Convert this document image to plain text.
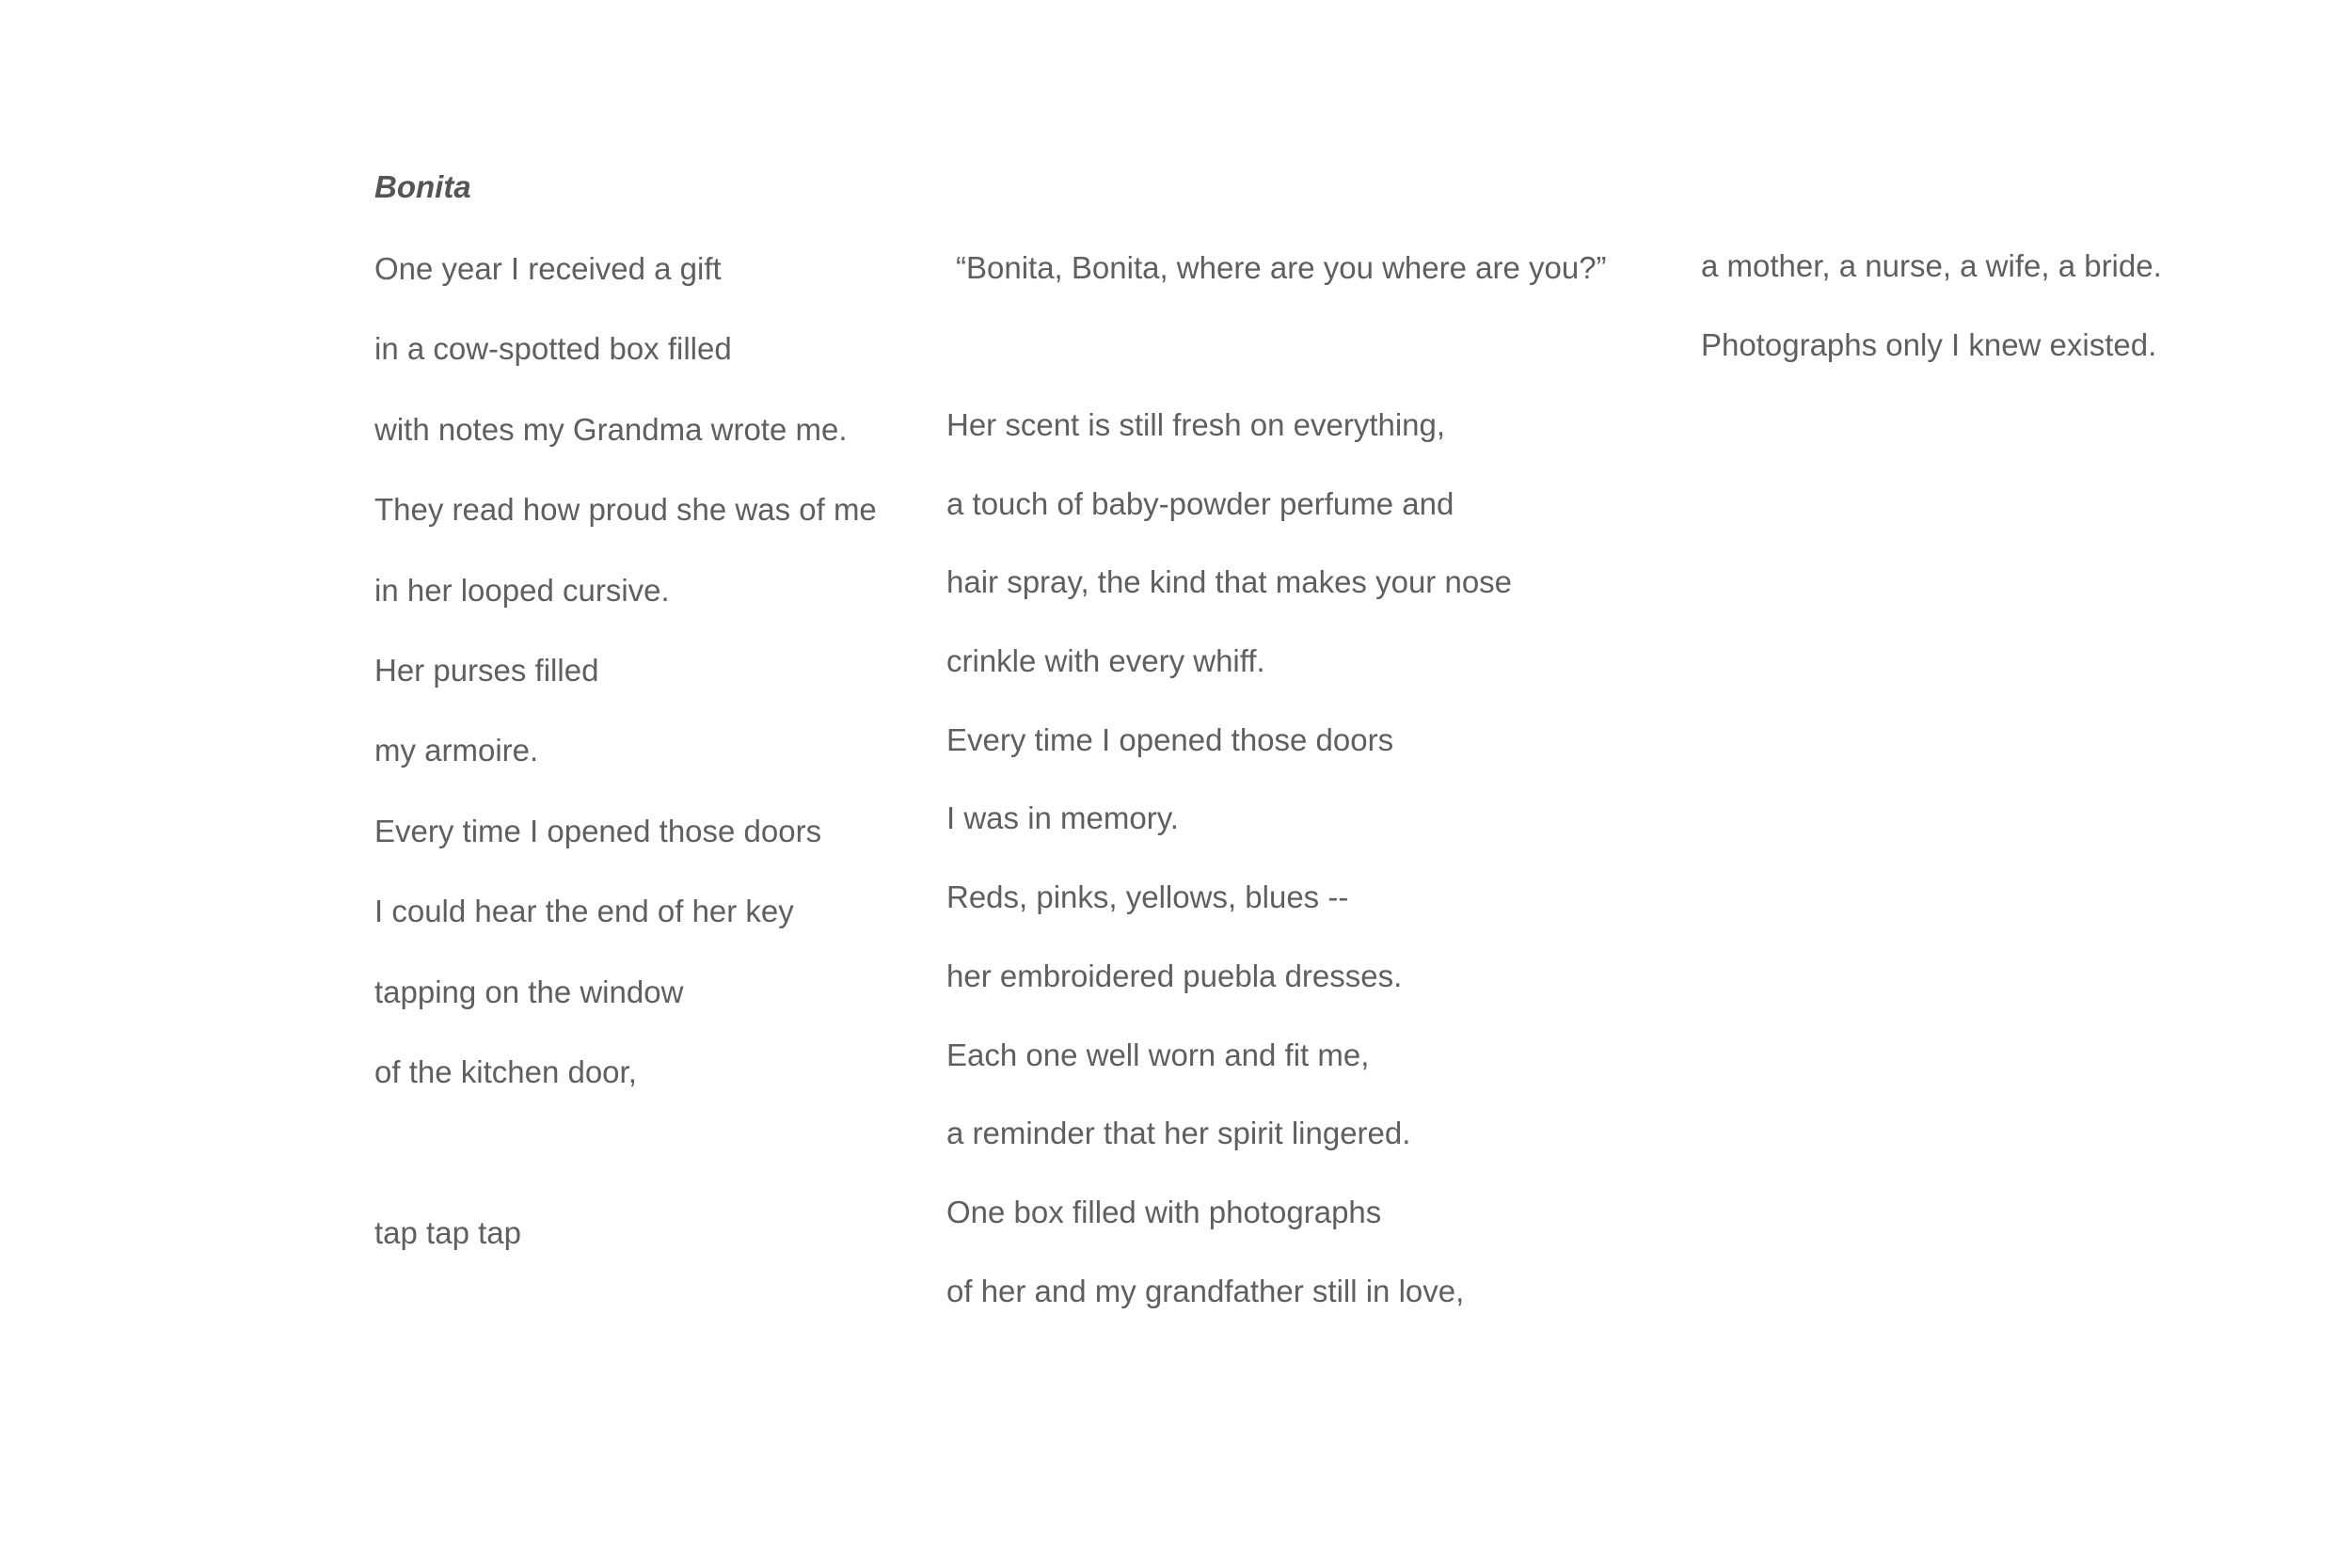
Bonita

One year I received a gift

in a cow-spotted box filled

with notes my Grandma wrote me.

They read how proud she was of me

in her looped cursive.

Her purses filled

my armoire.

Every time I opened those doors

I could hear the end of her key

tapping on the window

of the kitchen door,

tap tap tap

“Bonita, Bonita, where are you where are you?”

Her scent is still fresh on everything,

a touch of baby-powder perfume and

hair spray, the kind that makes your nose

crinkle with every whiff.

Every time I opened those doors

I was in memory.

Reds, pinks, yellows, blues --

her embroidered puebla dresses.

Each one well worn and fit me,

a reminder that her spirit lingered.

One box filled with photographs

of her and my grandfather still in love,

a mother, a nurse, a wife, a bride.

Photographs only I knew existed.
